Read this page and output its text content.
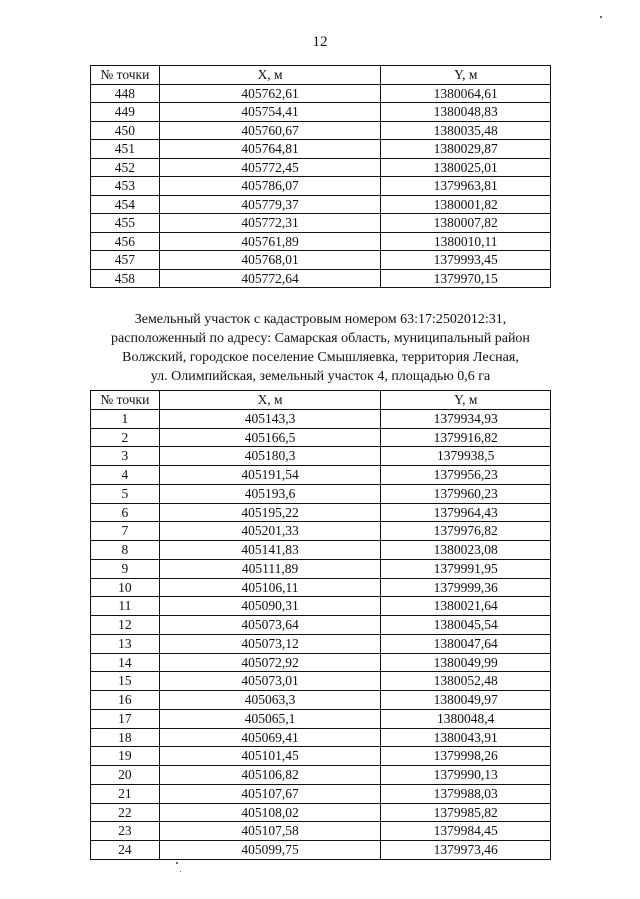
12
№ точки	X, м	Y, м
448	405762,61	1380064,61
449	405754,41	1380048,83
450	405760,67	1380035,48
451	405764,81	1380029,87
452	405772,45	1380025,01
453	405786,07	1379963,81
454	405779,37	1380001,82
455	405772,31	1380007,82
456	405761,89	1380010,11
457	405768,01	1379993,45
458	405772,64	1379970,15
Земельный участок с кадастровым номером 63:17:2502012:31,
расположенный по адресу: Самарская область, муниципальный район
Волжский, городское поселение Смышляевка, территория Лесная,
ул. Олимпийская, земельный участок 4, площадью 0,6 га
№ точки	X, м	Y, м
1	405143,3	1379934,93
2	405166,5	1379916,82
3	405180,3	1379938,5
4	405191,54	1379956,23
5	405193,6	1379960,23
6	405195,22	1379964,43
7	405201,33	1379976,82
8	405141,83	1380023,08
9	405111,89	1379991,95
10	405106,11	1379999,36
11	405090,31	1380021,64
12	405073,64	1380045,54
13	405073,12	1380047,64
14	405072,92	1380049,99
15	405073,01	1380052,48
16	405063,3	1380049,97
17	405065,1	1380048,4
18	405069,41	1380043,91
19	405101,45	1379998,26
20	405106,82	1379990,13
21	405107,67	1379988,03
22	405108,02	1379985,82
23	405107,58	1379984,45
24	405099,75	1379973,46
